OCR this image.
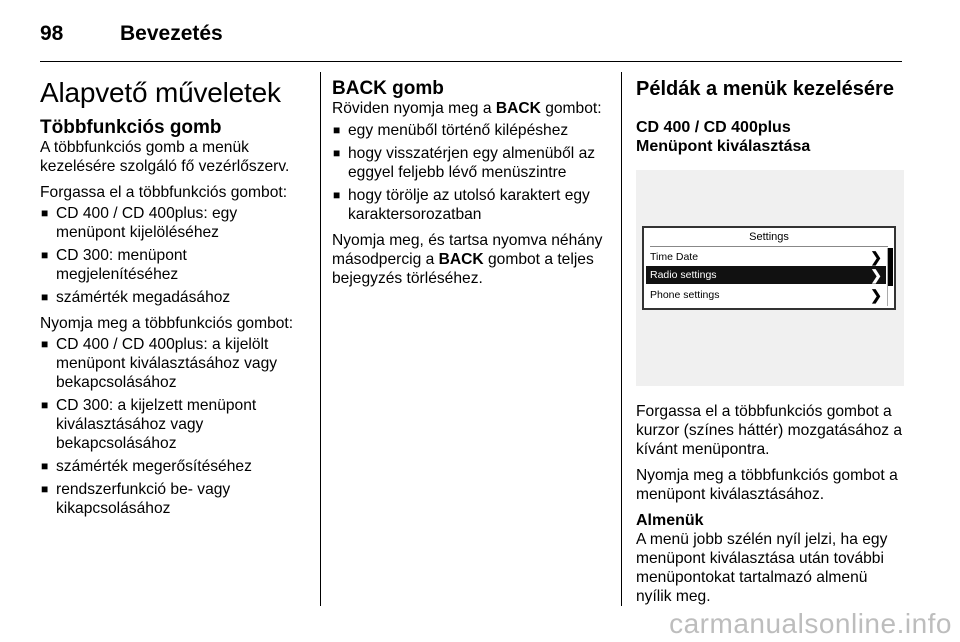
98	Bevezetés
Alapvető műveletek
Többfunkciós gomb

A többfunkciós gomb a menük kezelésére szolgáló fő vezérlőszerv.

Forgassa el a többfunkciós gombot:

■ CD 400 / CD 400plus: egy menüpont kijelöléséhez
■ CD 300: menüpont megjelenítéséhez
■ számérték megadásához

Nyomja meg a többfunkciós gombot:

■ CD 400 / CD 400plus: a kijelölt menüpont kiválasztásához vagy bekapcsolásához
■ CD 300: a kijelzett menüpont kiválasztásához vagy bekapcsolásához
■ számérték megerősítéséhez
■ rendszerfunkció be- vagy kikapcsolásához
BACK gomb

Röviden nyomja meg a BACK gombot:

■ egy menüből történő kilépéshez
■ hogy visszatérjen egy almenüből az eggyel feljebb lévő menüszintre
■ hogy törölje az utolsó karaktert egy karaktersorozatban

Nyomja meg, és tartsa nyomva néhány másodpercig a BACK gombot a teljes bejegyzés törléséhez.

Példák a menük kezelésére
CD 400 / CD 400plus
Menüpont kiválasztása
Settings
Time Date	❯
Radio settings	❯
Phone settings	❯

Forgassa el a többfunkciós gombot a kurzor (színes háttér) mozgatásához a kívánt menüpontra.

Nyomja meg a többfunkciós gombot a menüpont kiválasztásához.

Almenük

A menü jobb szélén nyíl jelzi, ha egy menüpont kiválasztása után további menüpontokat tartalmazó almenü nyílik meg.

carmanualsonline.info
